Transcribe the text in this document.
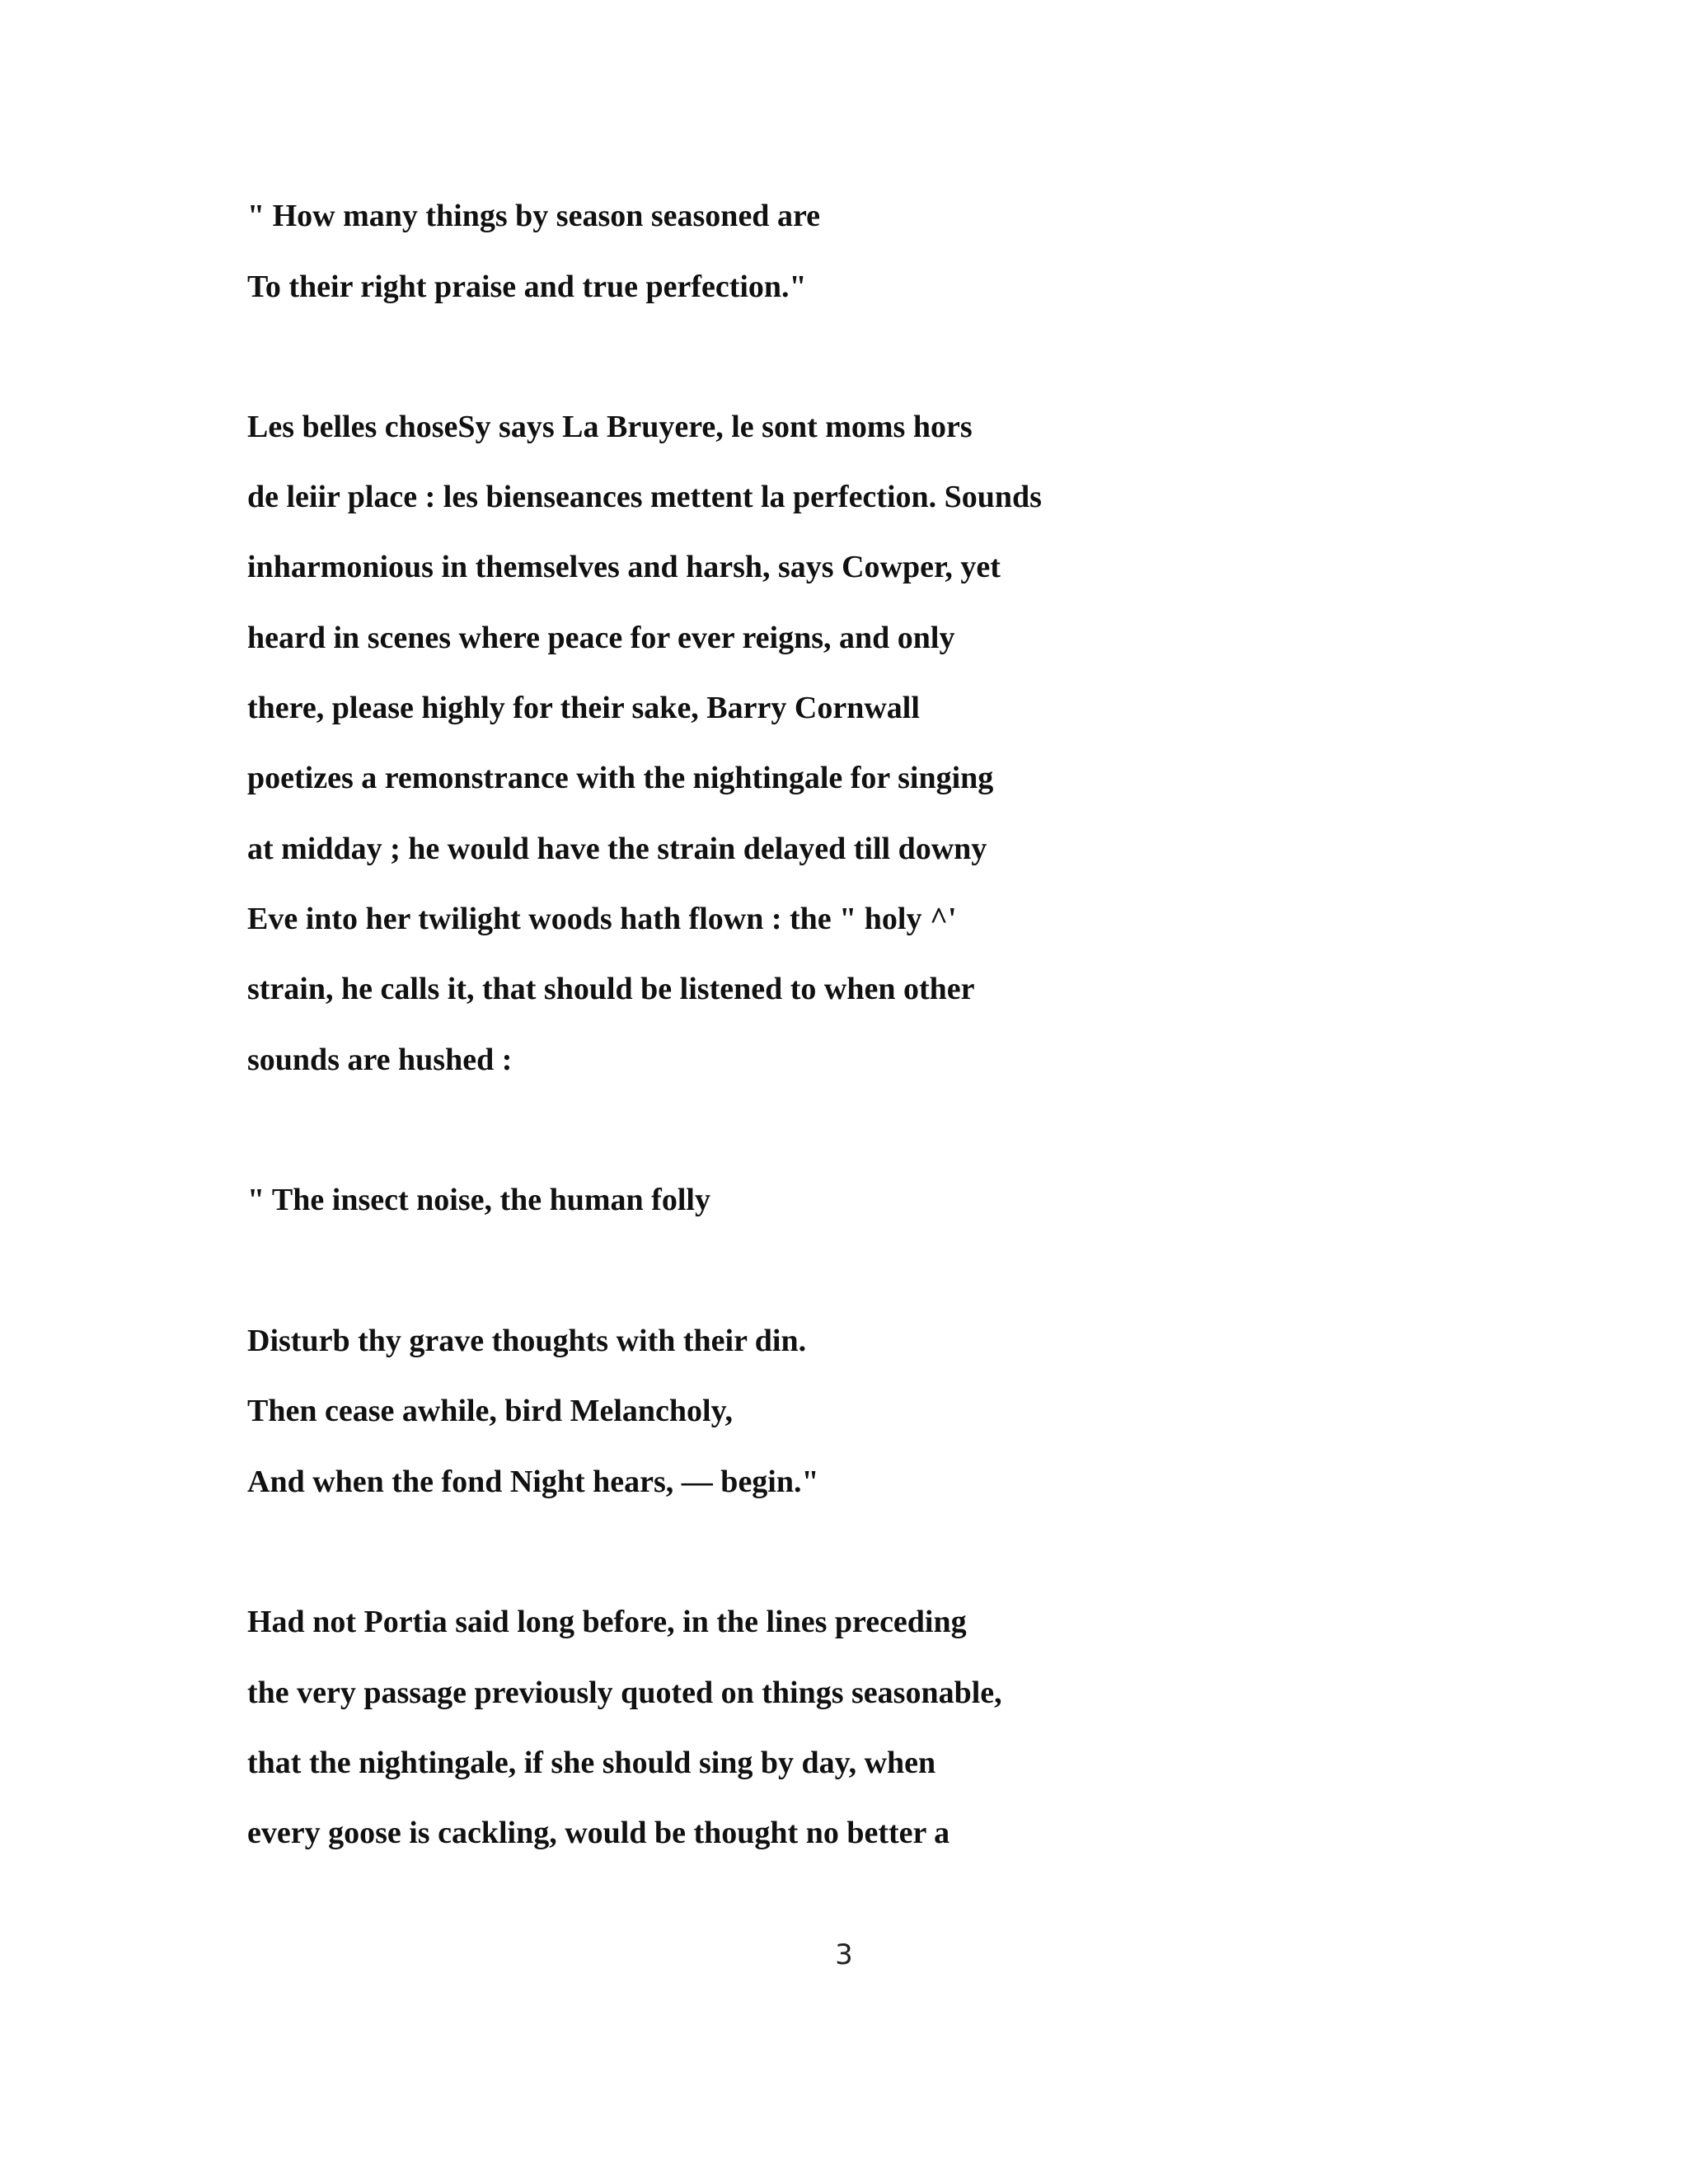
" How many things by season seasoned are

To their right praise and true perfection."

Les belles choseSy says La Bruyere, le sont moms hors

de leiir place : les bienseances mettent la perfection. Sounds

inharmonious in themselves and harsh, says Cowper, yet

heard in scenes where peace for ever reigns, and only

there, please highly for their sake, Barry Cornwall

poetizes a remonstrance with the nightingale for singing

at midday ; he would have the strain delayed till downy

Eve into her twilight woods hath flown : the " holy ^'

strain, he calls it, that should be listened to when other

sounds are hushed :

" The insect noise, the human folly

Disturb thy grave thoughts with their din.

Then cease awhile, bird Melancholy,

And when the fond Night hears, — begin."

Had not Portia said long before, in the lines preceding

the very passage previously quoted on things seasonable,

that the nightingale, if she should sing by day, when

every goose is cackling, would be thought no better a

3
